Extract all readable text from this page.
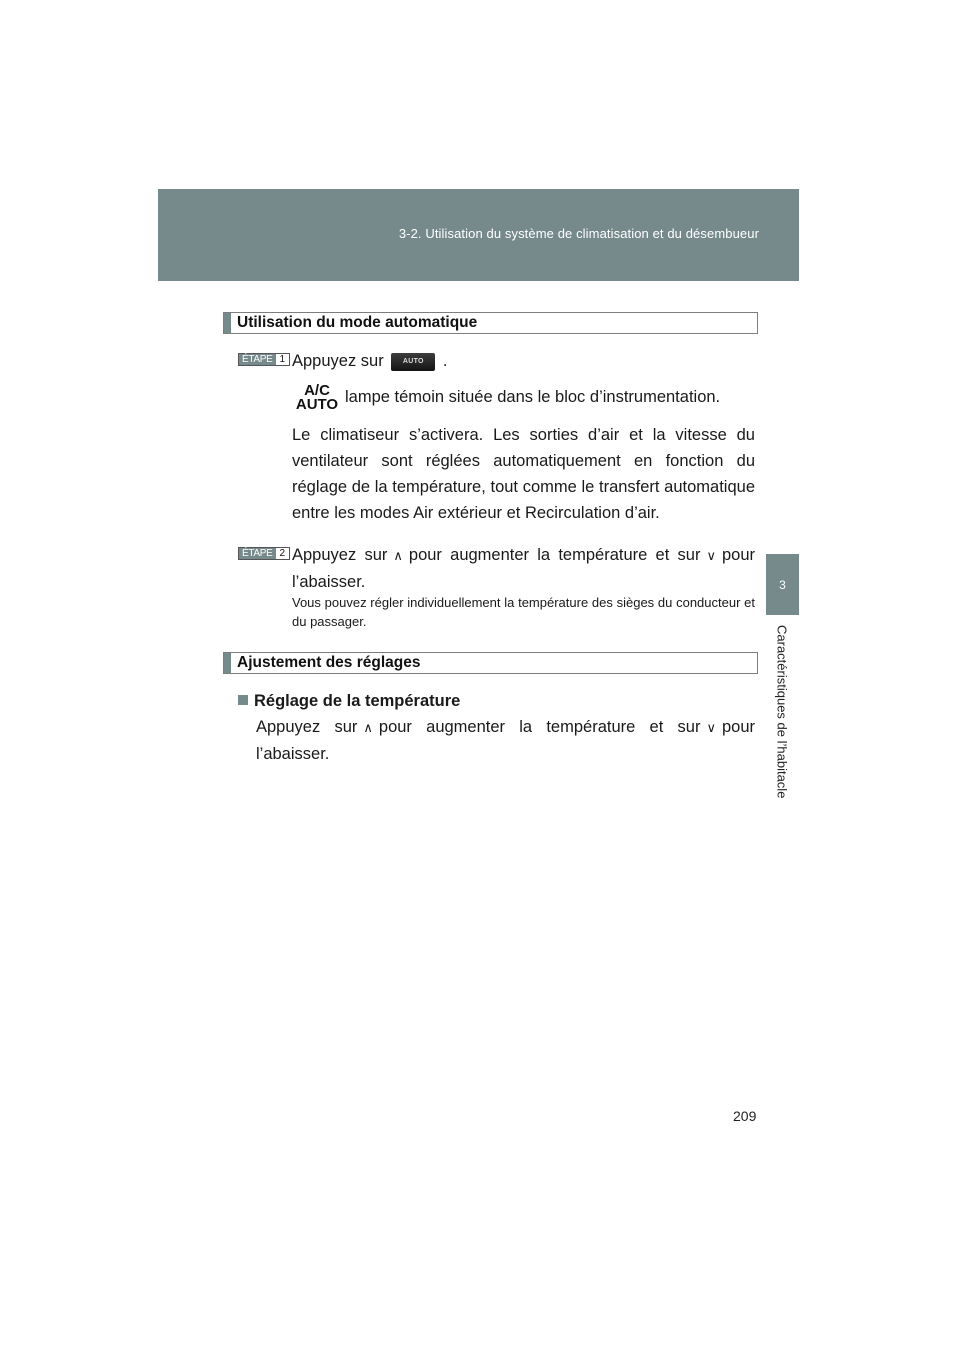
3-2. Utilisation du système de climatisation et du désembueur
3
Caractéristiques de l’habitacle
Utilisation du mode automatique
ÉTAPE 1 Appuyez sur	AUTO .
A/C
AUTO lampe témoin située dans le bloc d’instrumentation.
Le climatiseur s’activera. Les sorties d’air et la vitesse du ventilateur sont réglées automatiquement en fonction du réglage de la température, tout comme le transfert automatique entre les modes Air extérieur et Recirculation d’air.
ÉTAPE 2 Appuyez sur ∧ pour augmenter la température et sur ∨ pour l’abaisser.
Vous pouvez régler individuellement la température des sièges du conducteur et du passager.
Ajustement des réglages
Réglage de la température
Appuyez sur ∧ pour augmenter la température et sur ∨ pour l’abaisser.
209
